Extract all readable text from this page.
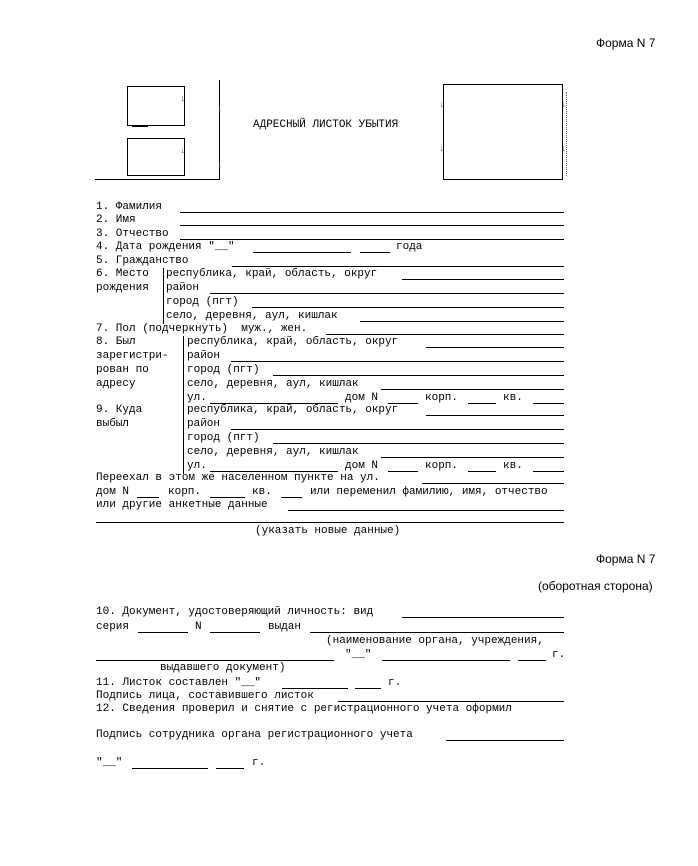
Форма N 7
↓
↓
↓
↓
↓
↓
↓
↓
АДРЕСНЫЙ ЛИСТОК УБЫТИЯ
1. Фамилия
2. Имя
3. Отчество
4. Дата рождения "__"	года
5. Гражданство
6. Место
рождения
республика, край, область, округ
район
город (пгт)
село, деревня, аул, кишлак
7. Пол (подчеркнуть)  муж., жен.
8. Был
зарегистри-
рован по
адресу
республика, край, область, округ
район
город (пгт)
село, деревня, аул, кишлак
ул.	дом N	корп.	кв.
9. Куда
выбыл
республика, край, область, округ
район
город (пгт)
село, деревня, аул, кишлак
ул.	дом N	корп.	кв.
Переехал в этом же населенном пункте на ул.
дом N	корп.	кв.	или переменил фамилию, имя, отчество
или другие анкетные данные
(указать новые данные)
Форма N 7
(оборотная сторона)
10. Документ, удостоверяющий личность: вид
серия	N	выдан
(наименование органа, учреждения,
"__"	г.
выдавшего документ)
11. Листок составлен "__"	г.
Подпись лица, составившего листок
12. Сведения проверил и снятие с регистрационного учета оформил
Подпись сотрудника органа регистрационного учета
"__"	г.
